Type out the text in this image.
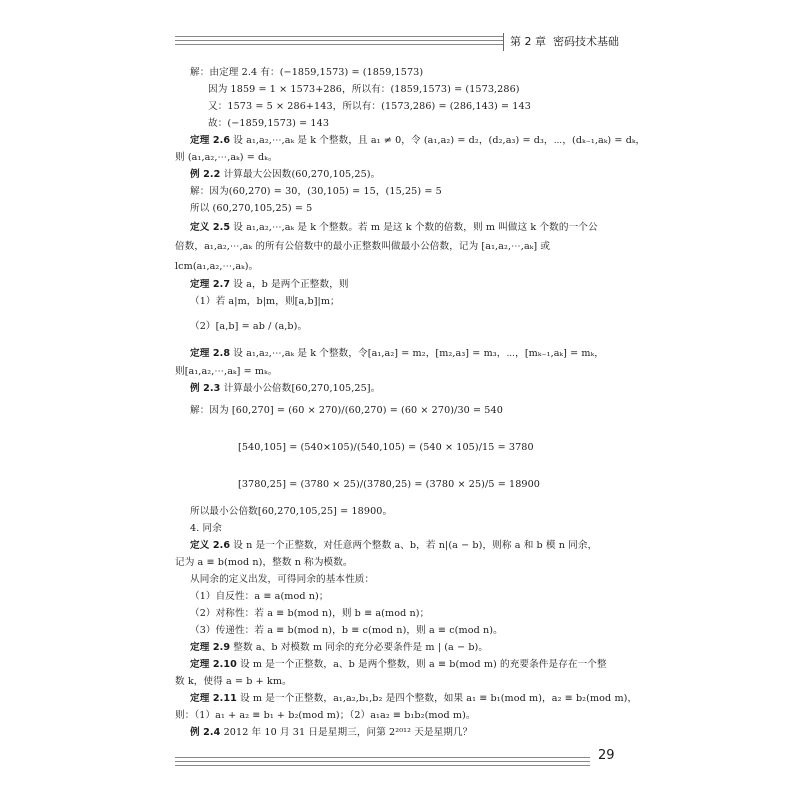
第 2 章 密码技术基础
解：由定理 2.4 有：(−1859,1573) = (1859,1573)
因为 1859 = 1 × 1573+286，所以有：(1859,1573) = (1573,286)
又：1573 = 5 × 286+143，所以有：(1573,286) = (286,143) = 143
故：(−1859,1573) = 143
定理 2.6 设 a₁,a₂,⋯,aₖ 是 k 个整数，且 a₁ ≠ 0，令 (a₁,a₂) = d₂，(d₂,a₃) = d₃，⋯，(dₖ₋₁,aₖ) = dₖ，
则 (a₁,a₂,⋯,aₖ) = dₖ。
例 2.2 计算最大公因数(60,270,105,25)。
解：因为(60,270) = 30，(30,105) = 15，(15,25) = 5
所以 (60,270,105,25) = 5
定义 2.5 设 a₁,a₂,⋯,aₖ 是 k 个整数。若 m 是这 k 个数的倍数，则 m 叫做这 k 个数的一个公
倍数，a₁,a₂,⋯,aₖ 的所有公倍数中的最小正整数叫做最小公倍数，记为 [a₁,a₂,⋯,aₖ] 或
lcm(a₁,a₂,⋯,aₖ)。
定理 2.7 设 a，b 是两个正整数，则
（1）若 a|m，b|m，则[a,b]|m；
（2）[a,b] = ab / (a,b)。
定理 2.8 设 a₁,a₂,⋯,aₖ 是 k 个整数，令[a₁,a₂] = m₂，[m₂,a₃] = m₃，⋯，[mₖ₋₁,aₖ] = mₖ，
则[a₁,a₂,⋯,aₖ] = mₖ。
例 2.3 计算最小公倍数[60,270,105,25]。
解：因为 [60,270] = (60 × 270)/(60,270) = (60 × 270)/30 = 540
[540,105] = (540×105)/(540,105) = (540 × 105)/15 = 3780
[3780,25] = (3780 × 25)/(3780,25) = (3780 × 25)/5 = 18900
所以最小公倍数[60,270,105,25] = 18900。
4. 同余
定义 2.6 设 n 是一个正整数，对任意两个整数 a、b，若 n|(a − b)，则称 a 和 b 模 n 同余，
记为 a ≡ b(mod n)，整数 n 称为模数。
从同余的定义出发，可得同余的基本性质：
（1）自反性：a ≡ a(mod n)；
（2）对称性：若 a ≡ b(mod n)，则 b ≡ a(mod n)；
（3）传递性：若 a ≡ b(mod n)，b ≡ c(mod n)，则 a ≡ c(mod n)。
定理 2.9 整数 a、b 对模数 m 同余的充分必要条件是 m | (a − b)。
定理 2.10 设 m 是一个正整数，a、b 是两个整数，则 a ≡ b(mod m) 的充要条件是存在一个整
数 k，使得 a = b + km。
定理 2.11 设 m 是一个正整数，a₁,a₂,b₁,b₂ 是四个整数，如果 a₁ ≡ b₁(mod m)，a₂ ≡ b₂(mod m)，
则：（1）a₁ + a₂ ≡ b₁ + b₂(mod m)；（2）a₁a₂ ≡ b₁b₂(mod m)。
例 2.4 2012 年 10 月 31 日是星期三，问第 2²⁰¹² 天是星期几？
29
